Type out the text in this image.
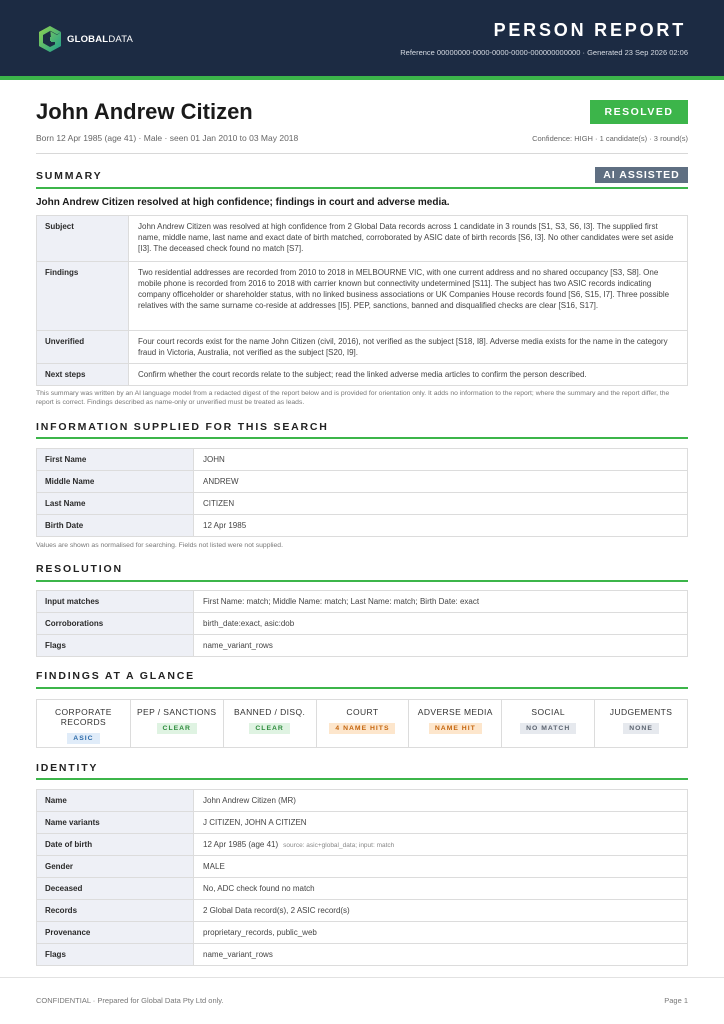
GLOBALDATA	PERSON REPORT
Reference 00000000-0000-0000-0000-000000000000 · Generated 23 Sep 2026 02:06
John Andrew Citizen
Born 12 Apr 1985 (age 41) · Male · seen 01 Jan 2010 to 03 May 2018
RESOLVED
Confidence: HIGH · 1 candidate(s) · 3 round(s)
SUMMARY	AI ASSISTED
John Andrew Citizen resolved at high confidence; findings in court and adverse media.
Subject	John Andrew Citizen was resolved at high confidence from 2 Global Data records across 1 candidate in 3 rounds [S1, S3, S6, I3]. The supplied first name, middle name, last name and exact date of birth matched, corroborated by ASIC date of birth records [S6, I3]. No other candidates were set aside [I3]. The deceased check found no match [S7].
Findings	Two residential addresses are recorded from 2010 to 2018 in MELBOURNE VIC, with one current address and no shared occupancy [S3, S8]. One mobile phone is recorded from 2016 to 2018 with carrier known but connectivity undetermined [S11]. The subject has two ASIC records indicating company officeholder or shareholder status, with no linked business associations or UK Companies House records found [S6, S15, I7]. Three possible relatives with the same surname co-reside at addresses [I5]. PEP, sanctions, banned and disqualified checks are clear [S16, S17].
Unverified	Four court records exist for the name John Citizen (civil, 2016), not verified as the subject [S18, I8]. Adverse media exists for the name in the category fraud in Victoria, Australia, not verified as the subject [S20, I9].
Next steps	Confirm whether the court records relate to the subject; read the linked adverse media articles to confirm the person described.
This summary was written by an AI language model from a redacted digest of the report below and is provided for orientation only. It adds no information to the report; where the summary and the report differ, the report is correct. Findings described as name-only or unverified must be treated as leads.
INFORMATION SUPPLIED FOR THIS SEARCH
First Name	JOHN
Middle Name	ANDREW
Last Name	CITIZEN
Birth Date	12 Apr 1985
Values are shown as normalised for searching. Fields not listed were not supplied.
RESOLUTION
Input matches	First Name: match; Middle Name: match; Last Name: match; Birth Date: exact
Corroborations	birth_date:exact, asic:dob
Flags	name_variant_rows
FINDINGS AT A GLANCE
CORPORATE RECORDS
ASIC
PEP / SANCTIONS
CLEAR
BANNED / DISQ.
CLEAR
COURT
4 NAME HITS
ADVERSE MEDIA
NAME HIT
SOCIAL
NO MATCH
JUDGEMENTS
NONE
IDENTITY
Name	John Andrew Citizen (MR)
Name variants	J CITIZEN, JOHN A CITIZEN
Date of birth	12 Apr 1985 (age 41) source: asic+global_data; input: match
Gender	MALE
Deceased	No, ADC check found no match
Records	2 Global Data record(s), 2 ASIC record(s)
Provenance	proprietary_records, public_web
Flags	name_variant_rows
CONFIDENTIAL · Prepared for Global Data Pty Ltd only.	Page 1
